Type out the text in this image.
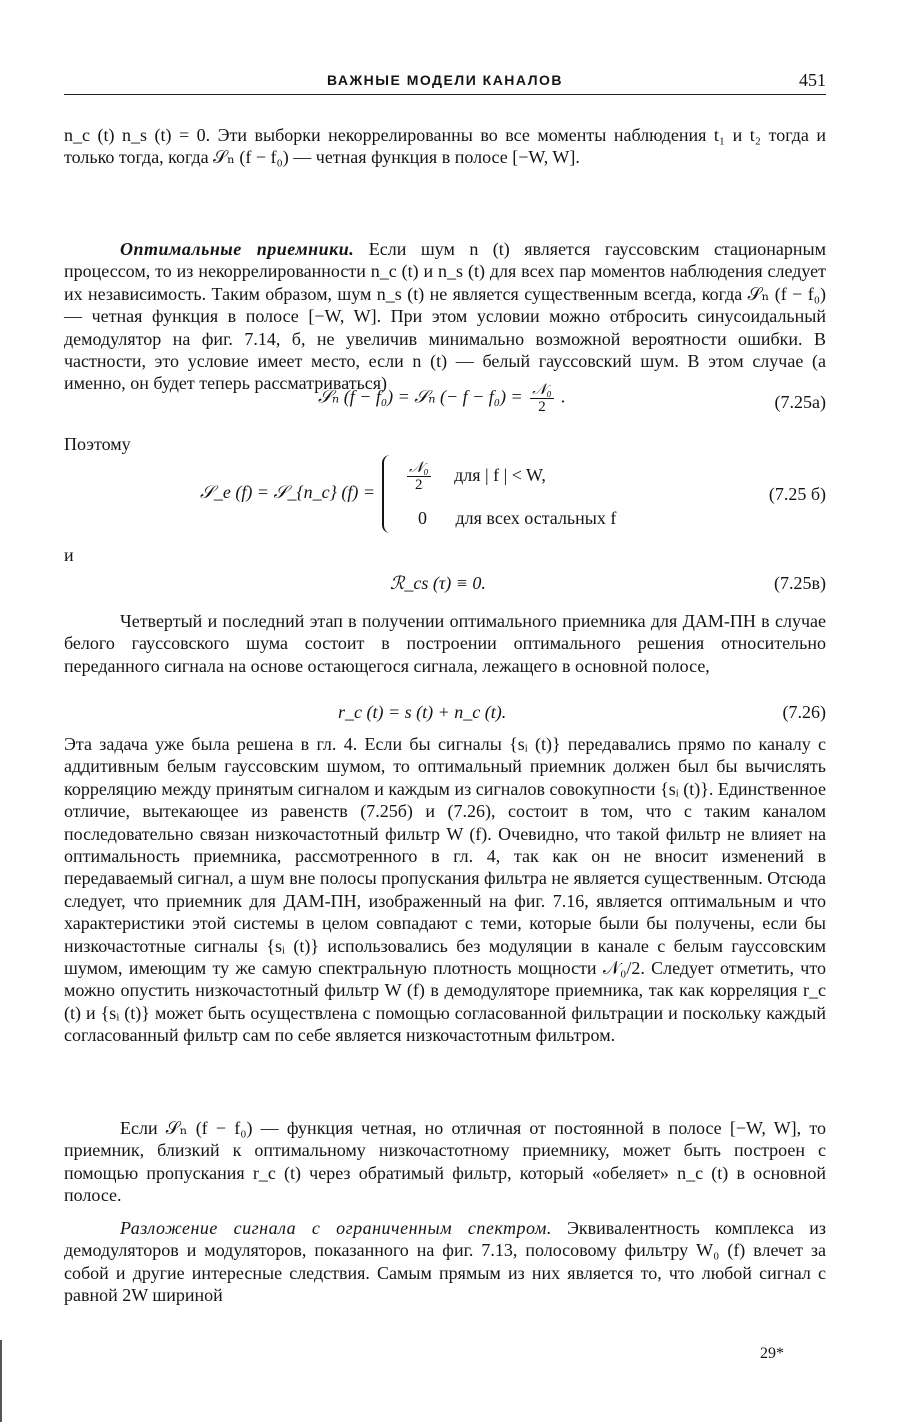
ВАЖНЫЕ МОДЕЛИ КАНАЛОВ	451

n_c (t) n_s (t) = 0. Эти выборки некоррелированны во все моменты наблюдения t₁ и t₂ тогда и только тогда, когда 𝒮ₙ (f − f₀) — четная функция в полосе [−W, W].

Оптимальные приемники. Если шум n (t) является гауссовским стационарным процессом, то из некоррелированности n_c (t) и n_s (t) для всех пар моментов наблюдения следует их независимость. Таким образом, шум n_s (t) не является существенным всегда, когда 𝒮ₙ (f − f₀) — четная функция в полосе [−W, W]. При этом условии можно отбросить синусоидальный демодулятор на фиг. 7.14, б, не увеличив минимально возможной вероятности ошибки. В частности, это условие имеет место, если n (t) — белый гауссовский шум. В этом случае (а именно, он будет теперь рассматриваться)

𝒮ₙ (f − f₀) = 𝒮ₙ (− $f - f_0) = \frac{\text{𝒩₀}}{2}$ .	(7.25а)
Поэтому
𝒮_e (f) = 𝒮_{n_c} $(f) = \frac{\text{𝒩₀}}{2}$ для | f | < W,
0 для всех остальных f
(7.25 б)
и
ℛ_cs (τ) ≡ 0.	(7.25в)

Четвертый и последний этап в получении оптимального приемника для ДАМ-ПН в случае белого гауссовского шума состоит в построении оптимального решения относительно переданного сигнала на основе остающегося сигнала, лежащего в основной полосе,

r_c (t) = s (t) + n_c (t).	(7.26)

Эта задача уже была решена в гл. 4. Если бы сигналы {sᵢ (t)} передавались прямо по каналу с аддитивным белым гауссовским шумом, то оптимальный приемник должен был бы вычислять корреляцию между принятым сигналом и каждым из сигналов совокупности {sᵢ (t)}. Единственное отличие, вытекающее из равенств (7.25б) и (7.26), состоит в том, что с таким каналом последовательно связан низкочастотный фильтр W (f). Очевидно, что такой фильтр не влияет на оптимальность приемника, рассмотренного в гл. 4, так как он не вносит изменений в передаваемый сигнал, а шум вне полосы пропускания фильтра не является существенным. Отсюда следует, что приемник для ДАМ-ПН, изображенный на фиг. 7.16, является оптимальным и что характеристики этой системы в целом совпадают с теми, которые были бы получены, если бы низкочастотные сигналы {sᵢ (t)} использовались без модуляции в канале с белым гауссовским шумом, имеющим ту же самую спектральную плотность мощности 𝒩₀/2. Следует отметить, что можно опустить низкочастотный фильтр W (f) в демодуляторе приемника, так как корреляция r_c (t) и {sᵢ (t)} может быть осуществлена с помощью согласованной фильтрации и поскольку каждый согласованный фильтр сам по себе является низкочастотным фильтром.

Если 𝒮ₙ (f − f₀) — функция четная, но отличная от постоянной в полосе [−W, W], то приемник, близкий к оптимальному низкочастотному приемнику, может быть построен с помощью пропускания r_c (t) через обратимый фильтр, который «обеляет» n_c (t) в основной полосе.

Разложение сигнала с ограниченным спектром. Эквивалентность комплекса из демодуляторов и модуляторов, показанного на фиг. 7.13, полосовому фильтру W₀ (f) влечет за собой и другие интересные следствия. Самым прямым из них является то, что любой сигнал с равной 2W шириной

29*
